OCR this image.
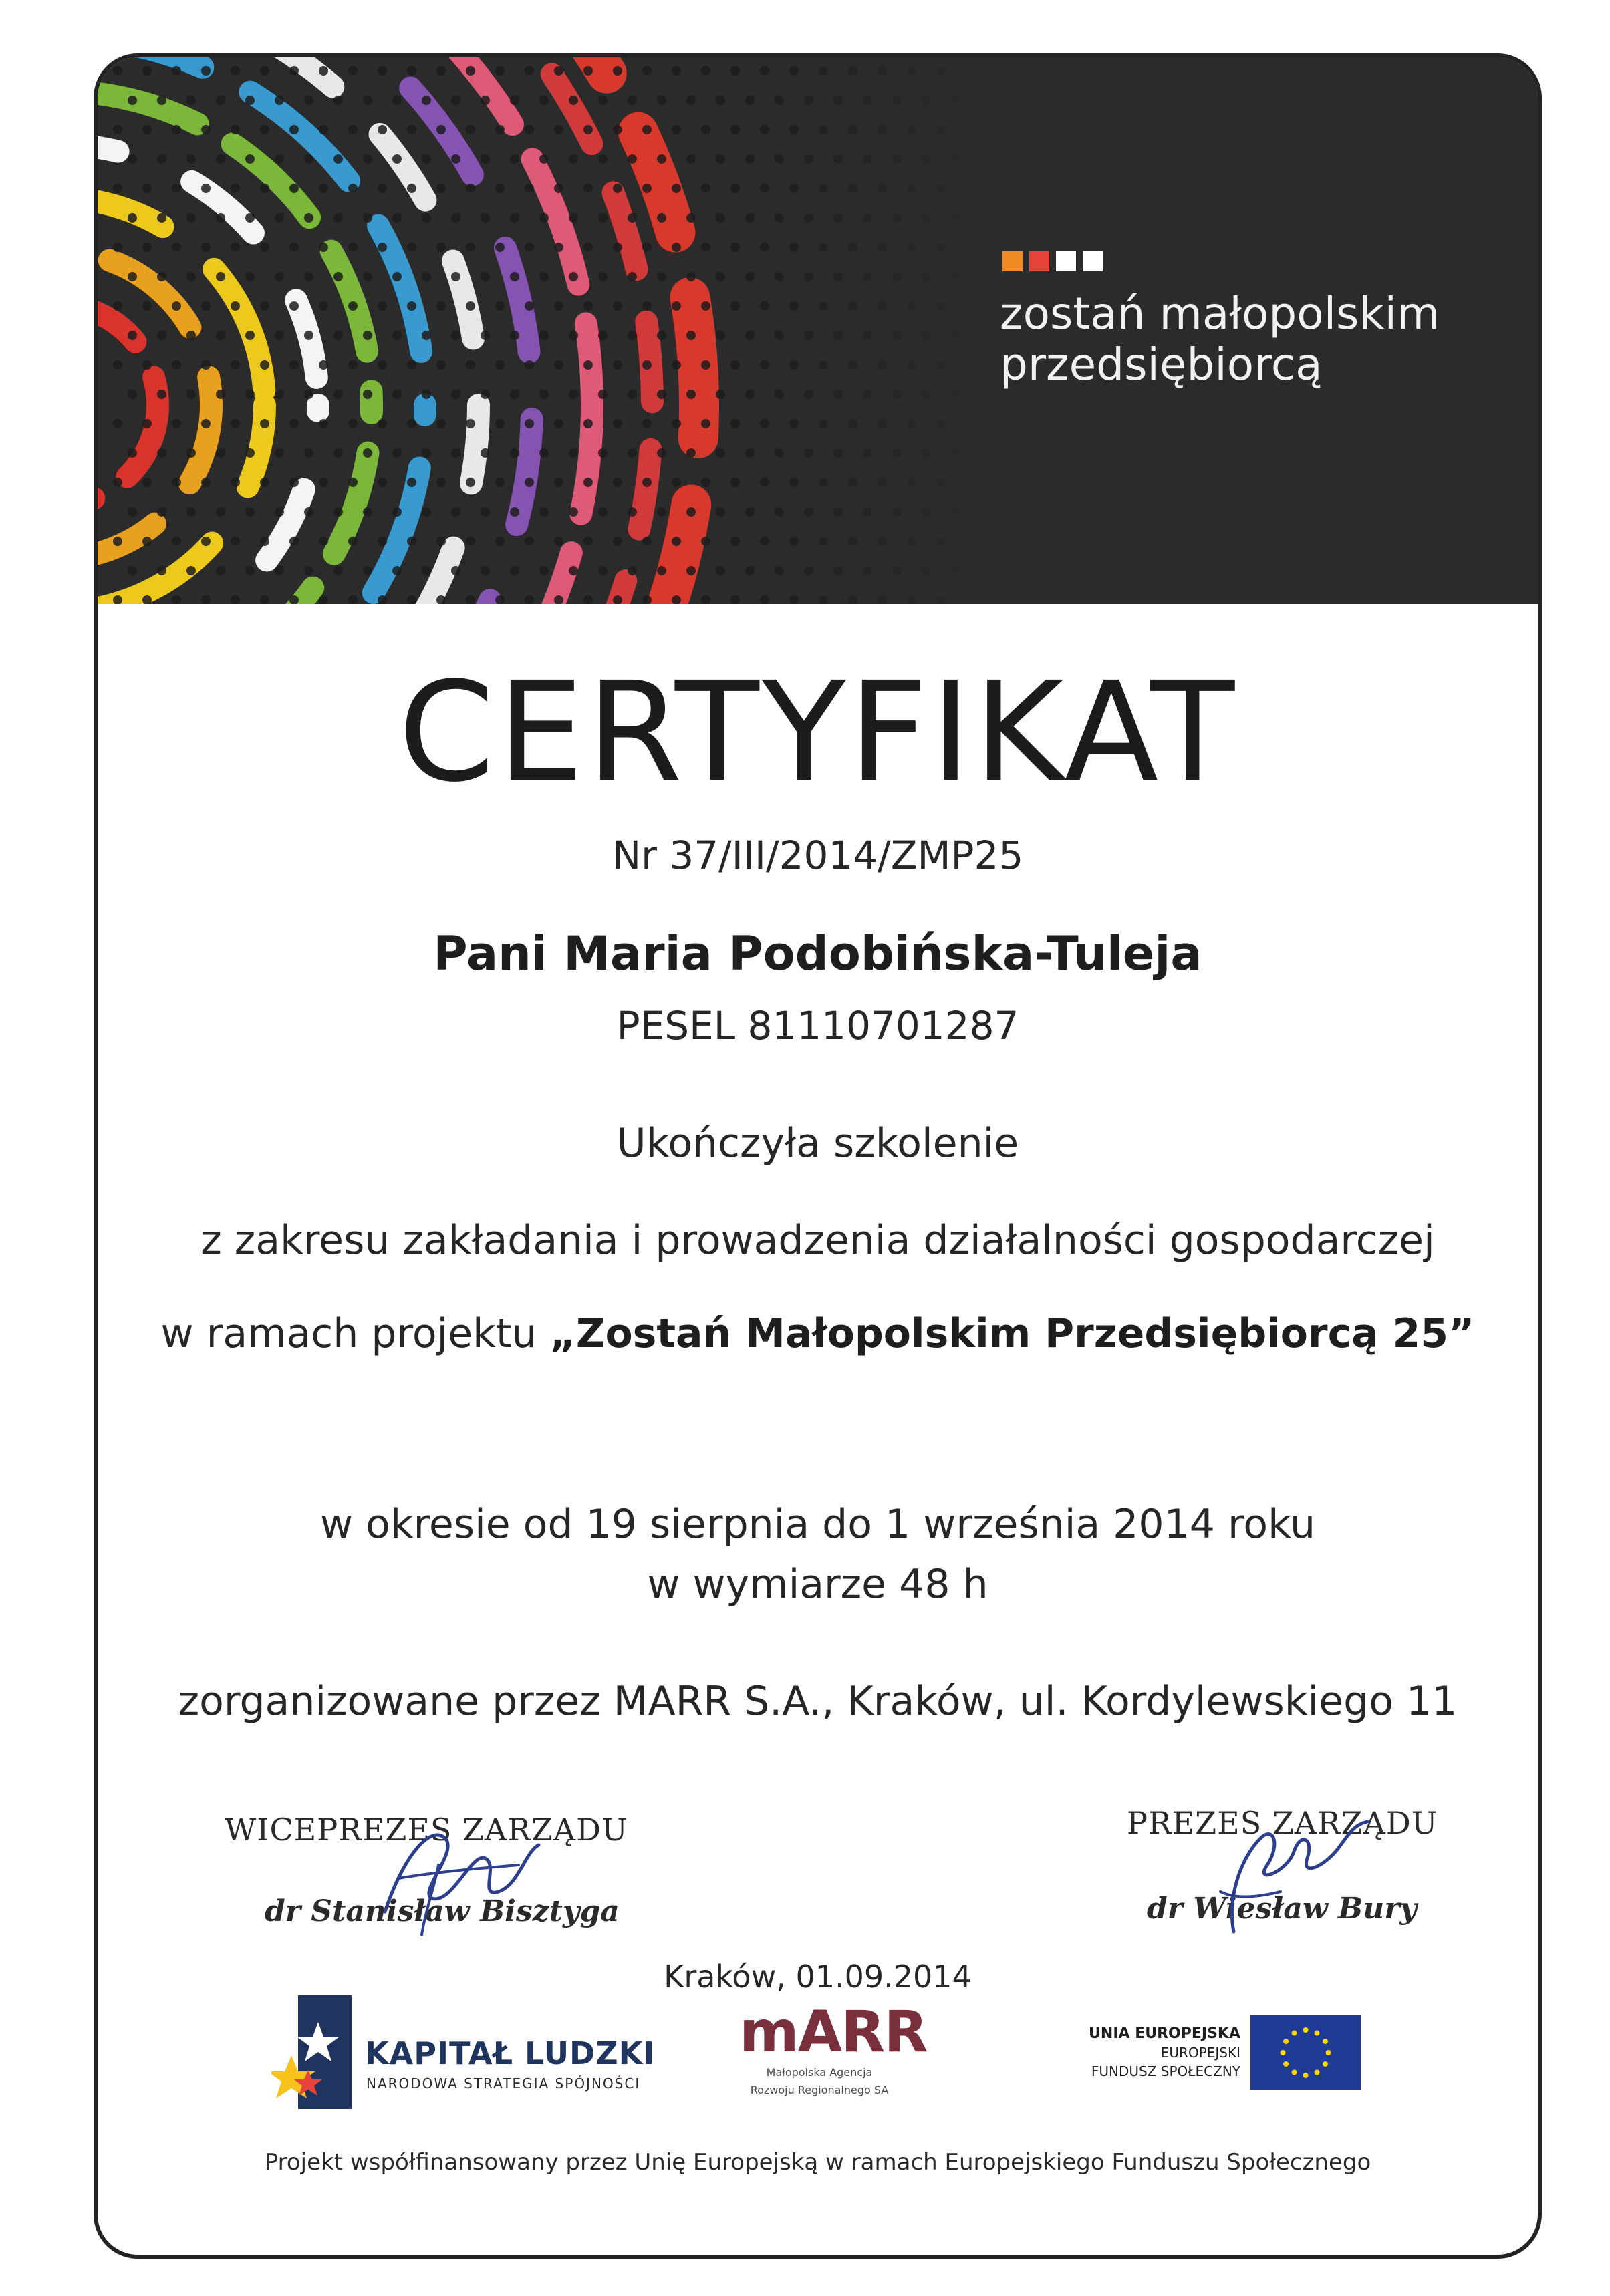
zostań małopolskim
przedsiębiorcą
CERTYFIKAT
Nr 37/III/2014/ZMP25
Pani Maria Podobińska-Tuleja
PESEL 81110701287
Ukończyła szkolenie
z zakresu zakładania i prowadzenia działalności gospodarczej
w ramach projektu „Zostań Małopolskim Przedsiębiorcą 25”
w okresie od 19 sierpnia do 1 września 2014 roku
w wymiarze 48 h
zorganizowane przez MARR S.A., Kraków, ul. Kordylewskiego 11
WICEPREZES ZARZĄDU
dr Stanisław Bisztyga
PREZES ZARZĄDU
dr Wiesław Bury
Kraków, 01.09.2014
KAPITAŁ LUDZKI
NARODOWA STRATEGIA SPÓJNOŚCI
mARR
Małopolska Agencja
Rozwoju Regionalnego SA
UNIA EUROPEJSKA
EUROPEJSKI
FUNDUSZ SPOŁECZNY
Projekt współfinansowany przez Unię Europejską w ramach Europejskiego Funduszu Społecznego
